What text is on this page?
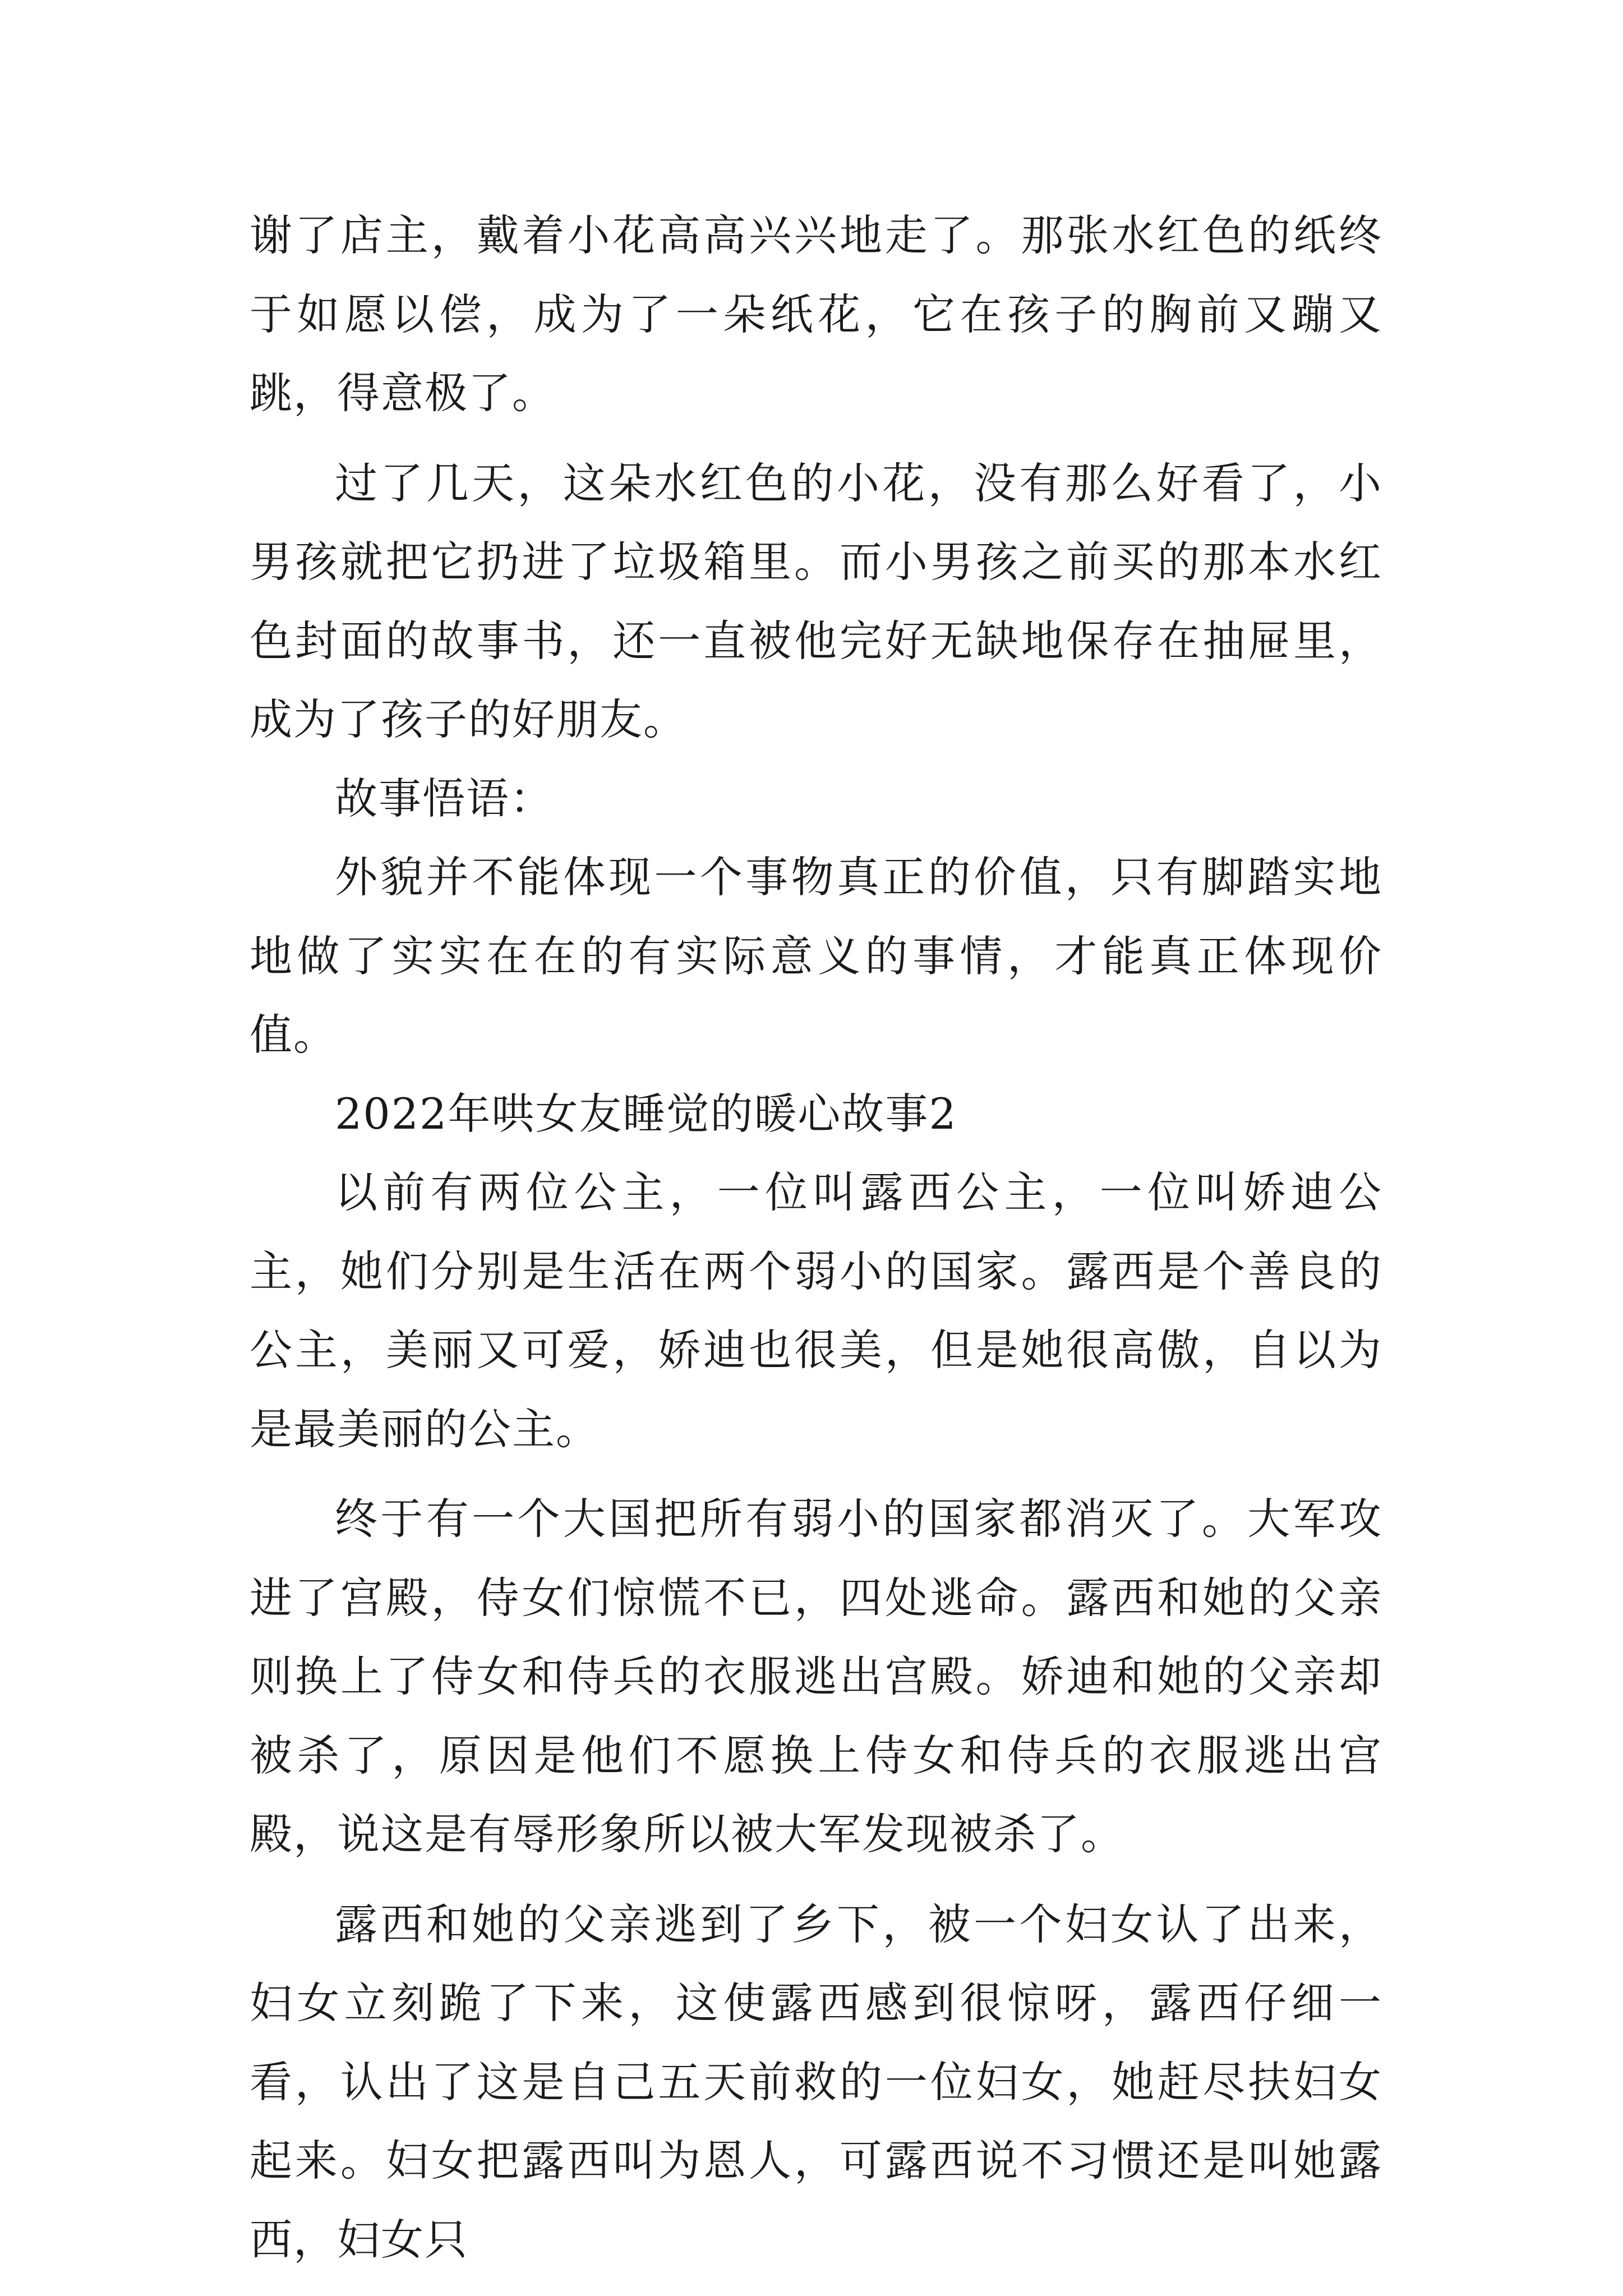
谢了店主，戴着小花高高兴兴地走了。那张水红色的纸终于如愿以偿，成为了一朵纸花，它在孩子的胸前又蹦又跳，得意极了。

过了几天，这朵水红色的小花，没有那么好看了，小男孩就把它扔进了垃圾箱里。而小男孩之前买的那本水红色封面的故事书，还一直被他完好无缺地保存在抽屉里，成为了孩子的好朋友。

故事悟语：

外貌并不能体现一个事物真正的价值，只有脚踏实地地做了实实在在的有实际意义的事情，才能真正体现价值。

2022年哄女友睡觉的暖心故事2

以前有两位公主，一位叫露西公主，一位叫娇迪公主，她们分别是生活在两个弱小的国家。露西是个善良的公主，美丽又可爱，娇迪也很美，但是她很高傲，自以为是最美丽的公主。

终于有一个大国把所有弱小的国家都消灭了。大军攻进了宫殿，侍女们惊慌不已，四处逃命。露西和她的父亲则换上了侍女和侍兵的衣服逃出宫殿。娇迪和她的父亲却被杀了，原因是他们不愿换上侍女和侍兵的衣服逃出宫殿，说这是有辱形象所以被大军发现被杀了。

露西和她的父亲逃到了乡下，被一个妇女认了出来，妇女立刻跪了下来，这使露西感到很惊呀，露西仔细一看，认出了这是自己五天前救的一位妇女，她赶尽扶妇女起来。妇女把露西叫为恩人，可露西说不习惯还是叫她露西，妇女只
